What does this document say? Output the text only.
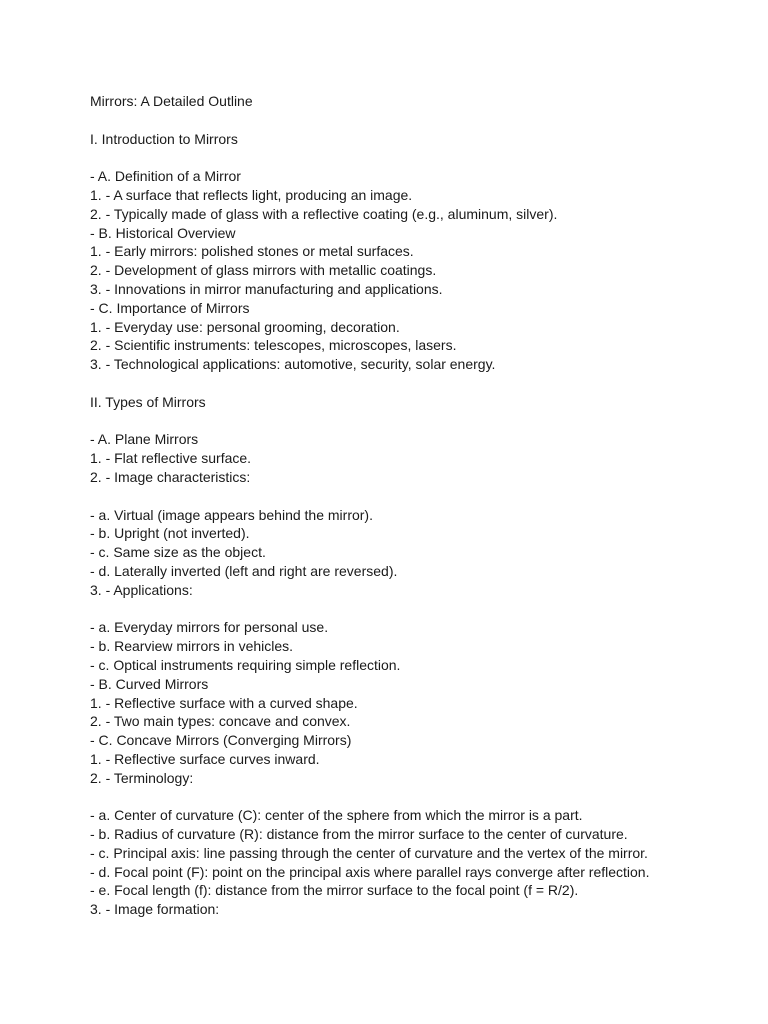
Mirrors: A Detailed Outline
I. Introduction to Mirrors
- A. Definition of a Mirror
1. - A surface that reflects light, producing an image.
2. - Typically made of glass with a reflective coating (e.g., aluminum, silver).
- B. Historical Overview
1. - Early mirrors: polished stones or metal surfaces.
2. - Development of glass mirrors with metallic coatings.
3. - Innovations in mirror manufacturing and applications.
- C. Importance of Mirrors
1. - Everyday use: personal grooming, decoration.
2. - Scientific instruments: telescopes, microscopes, lasers.
3. - Technological applications: automotive, security, solar energy.
II. Types of Mirrors
- A. Plane Mirrors
1. - Flat reflective surface.
2. - Image characteristics:
- a. Virtual (image appears behind the mirror).
- b. Upright (not inverted).
- c. Same size as the object.
- d. Laterally inverted (left and right are reversed).
3. - Applications:
- a. Everyday mirrors for personal use.
- b. Rearview mirrors in vehicles.
- c. Optical instruments requiring simple reflection.
- B. Curved Mirrors
1. - Reflective surface with a curved shape.
2. - Two main types: concave and convex.
- C. Concave Mirrors (Converging Mirrors)
1. - Reflective surface curves inward.
2. - Terminology:
- a. Center of curvature (C): center of the sphere from which the mirror is a part.
- b. Radius of curvature (R): distance from the mirror surface to the center of curvature.
- c. Principal axis: line passing through the center of curvature and the vertex of the mirror.
- d. Focal point (F): point on the principal axis where parallel rays converge after reflection.
- e. Focal length (f): distance from the mirror surface to the focal point (f = R/2).
3. - Image formation:
